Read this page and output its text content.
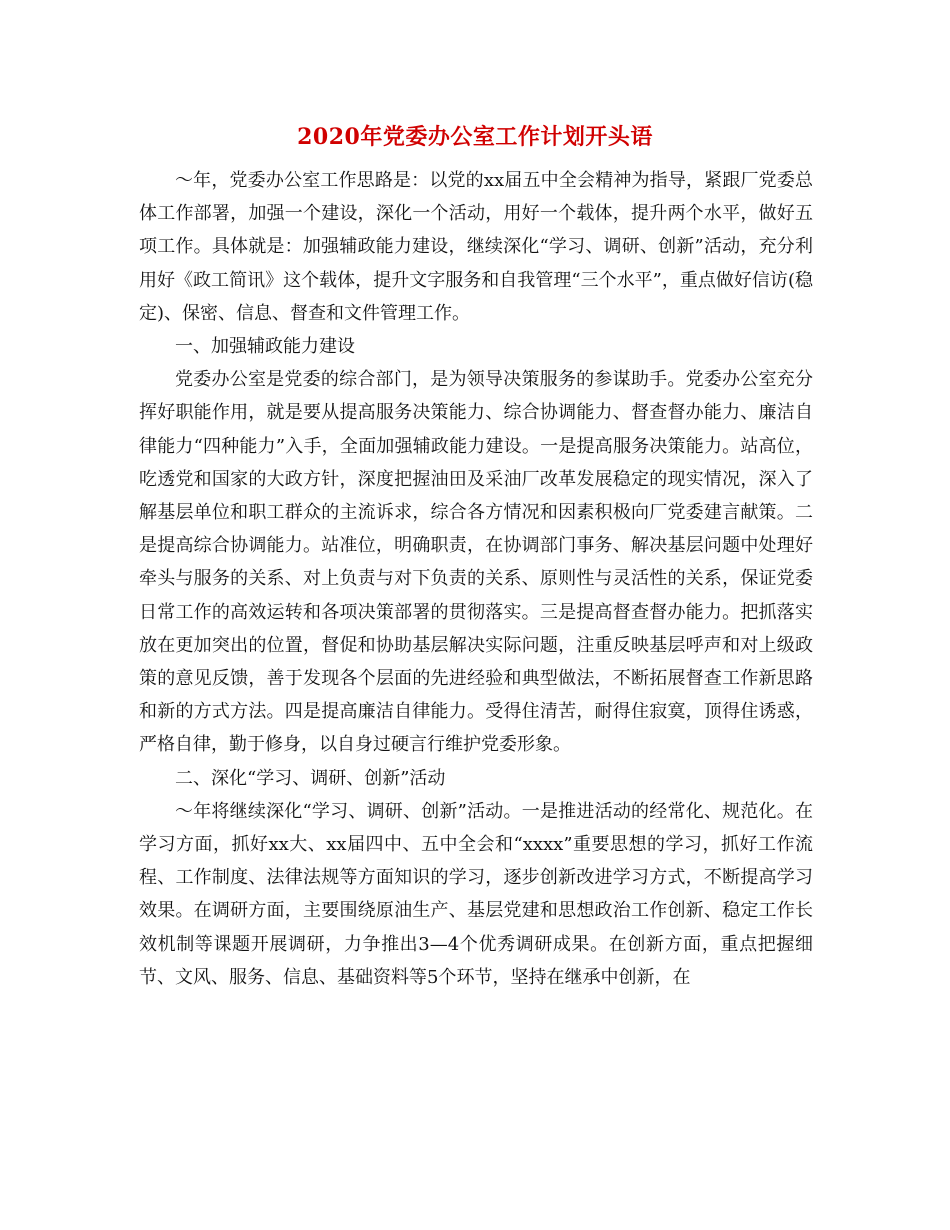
2020年党委办公室工作计划开头语

～年，党委办公室工作思路是：以党的xx届五中全会精神为指导，紧跟厂党委总体工作部署，加强一个建设，深化一个活动，用好一个载体，提升两个水平，做好五项工作。具体就是：加强辅政能力建设，继续深化“学习、调研、创新”活动，充分利用好《政工简讯》这个载体，提升文字服务和自我管理“三个水平”，重点做好信访(稳定)、保密、信息、督查和文件管理工作。

一、加强辅政能力建设

党委办公室是党委的综合部门，是为领导决策服务的参谋助手。党委办公室充分挥好职能作用，就是要从提高服务决策能力、综合协调能力、督查督办能力、廉洁自律能力“四种能力”入手，全面加强辅政能力建设。一是提高服务决策能力。站高位，吃透党和国家的大政方针，深度把握油田及采油厂改革发展稳定的现实情况，深入了解基层单位和职工群众的主流诉求，综合各方情况和因素积极向厂党委建言献策。二是提高综合协调能力。站准位，明确职责，在协调部门事务、解决基层问题中处理好牵头与服务的关系、对上负责与对下负责的关系、原则性与灵活性的关系，保证党委日常工作的高效运转和各项决策部署的贯彻落实。三是提高督查督办能力。把抓落实放在更加突出的位置，督促和协助基层解决实际问题，注重反映基层呼声和对上级政策的意见反馈，善于发现各个层面的先进经验和典型做法，不断拓展督查工作新思路和新的方式方法。四是提高廉洁自律能力。受得住清苦，耐得住寂寞，顶得住诱惑，严格自律，勤于修身，以自身过硬言行维护党委形象。

二、深化“学习、调研、创新”活动

～年将继续深化“学习、调研、创新”活动。一是推进活动的经常化、规范化。在学习方面，抓好xx大、xx届四中、五中全会和“xxxx”重要思想的学习，抓好工作流程、工作制度、法律法规等方面知识的学习，逐步创新改进学习方式，不断提高学习效果。在调研方面，主要围绕原油生产、基层党建和思想政治工作创新、稳定工作长效机制等课题开展调研，力争推出3—4个优秀调研成果。在创新方面，重点把握细节、文风、服务、信息、基础资料等5个环节，坚持在继承中创新，在
